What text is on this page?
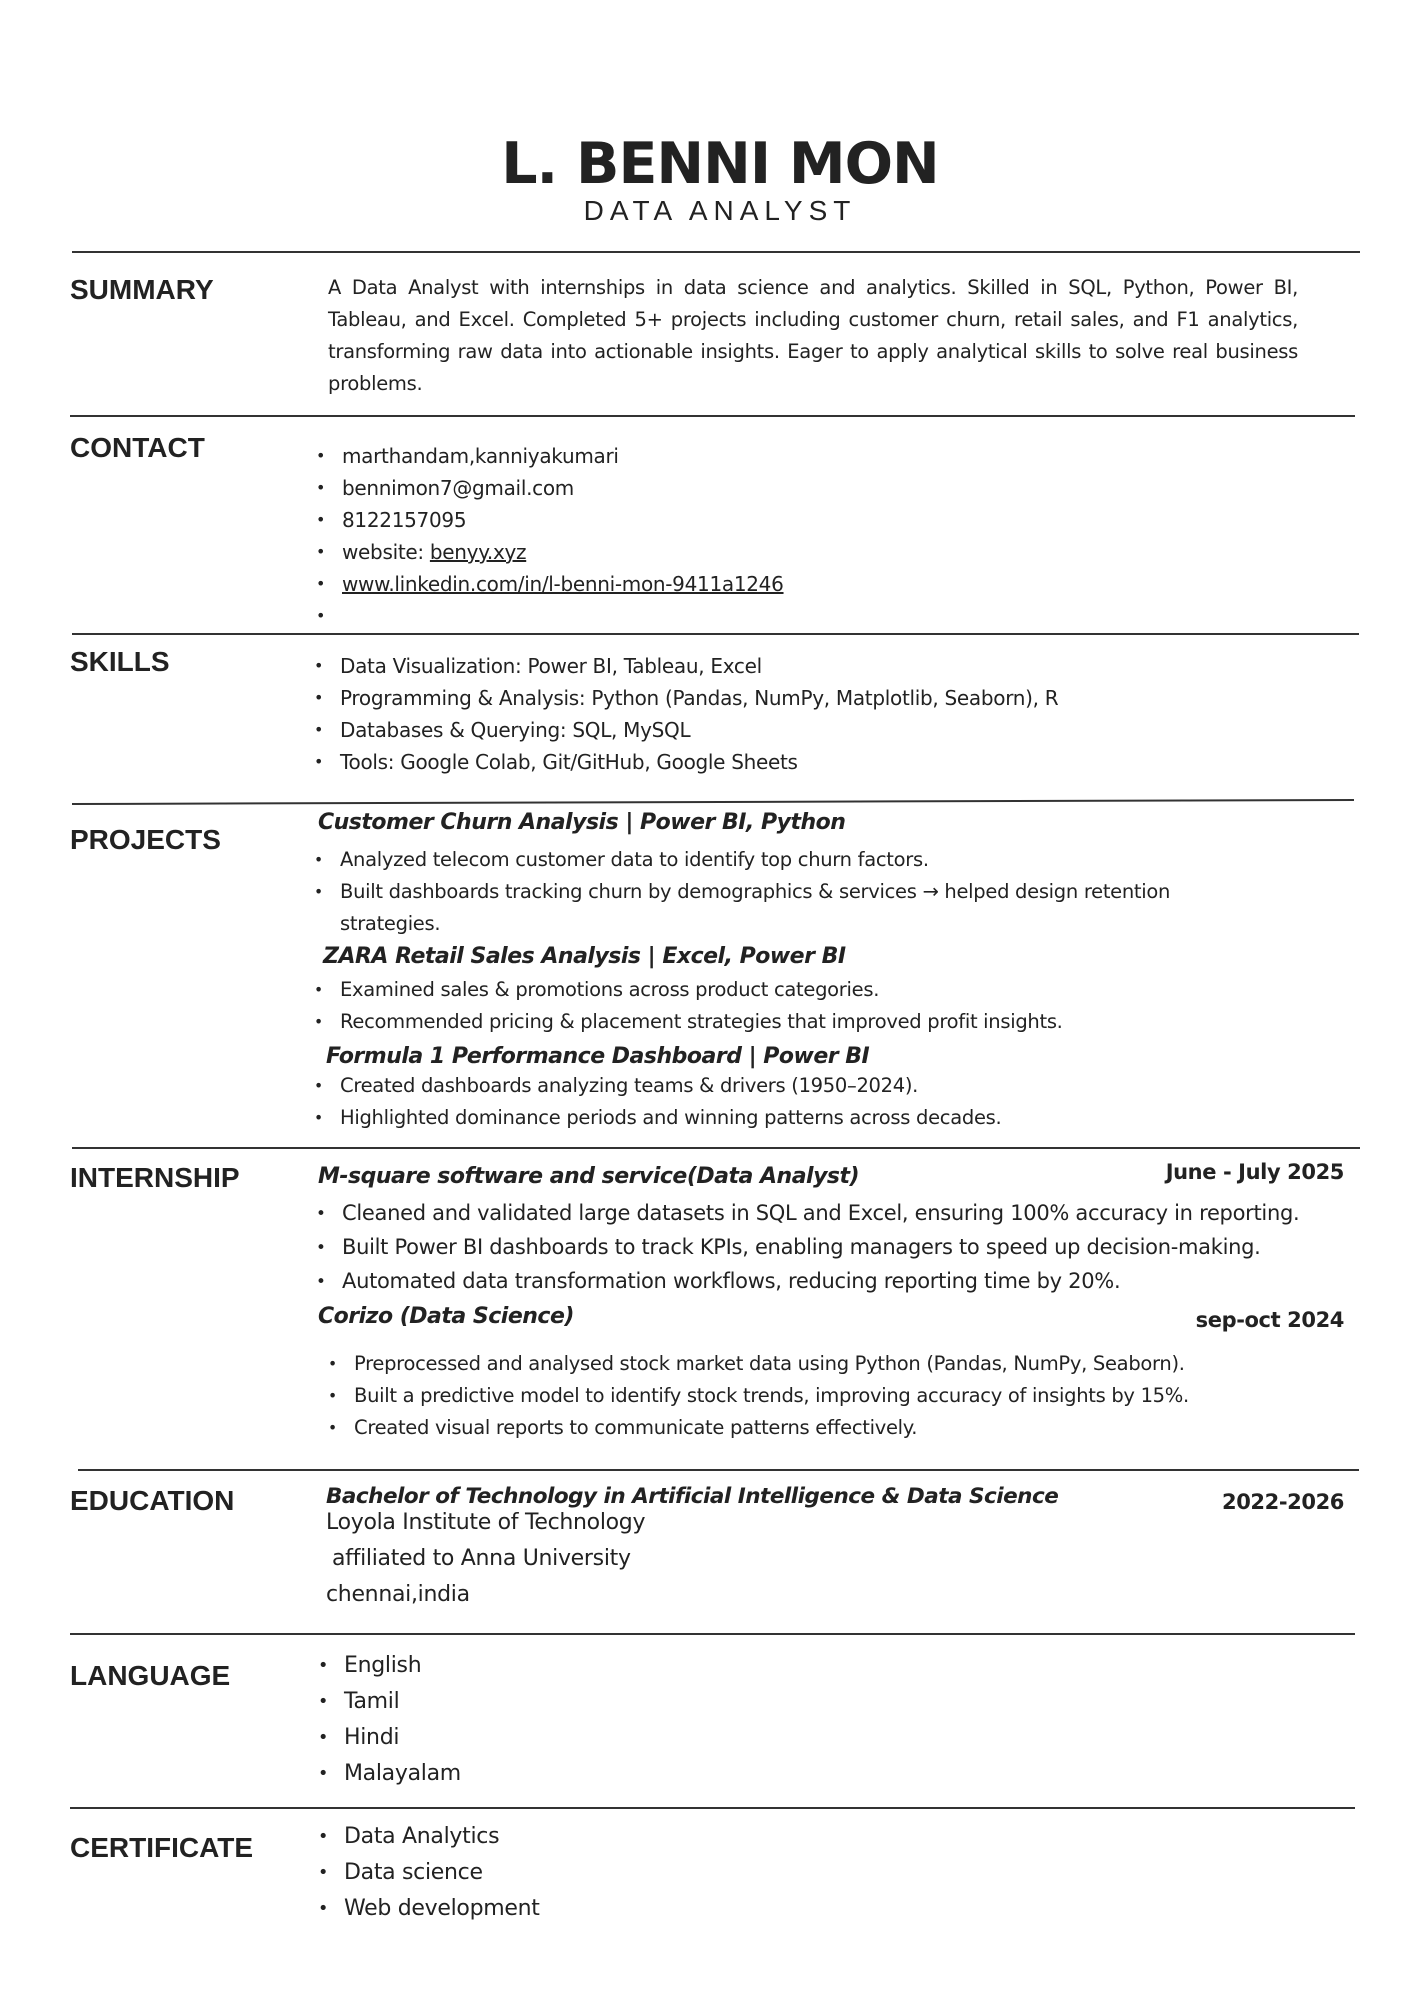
L. BENNI MON
DATA ANALYST
SUMMARY	A Data Analyst with internships in data science and analytics. Skilled in SQL, Python, Power BI, Tableau, and Excel. Completed 5+ projects including customer churn, retail sales, and F1 analytics, transforming raw data into actionable insights. Eager to apply analytical skills to solve real business problems.
CONTACT	• marthandam,kanniyakumari
• bennimon7@gmail.com
• 8122157095
• website: benyy.xyz
• www.linkedin.com/in/l-benni-mon-9411a1246
SKILLS	• Data Visualization: Power BI, Tableau, Excel
• Programming & Analysis: Python (Pandas, NumPy, Matplotlib, Seaborn), R
• Databases & Querying: SQL, MySQL
• Tools: Google Colab, Git/GitHub, Google Sheets
PROJECTS
Customer Churn Analysis | Power BI, Python
• Analyzed telecom customer data to identify top churn factors.
• Built dashboards tracking churn by demographics & services → helped design retention strategies.
ZARA Retail Sales Analysis | Excel, Power BI
• Examined sales & promotions across product categories.
• Recommended pricing & placement strategies that improved profit insights.
Formula 1 Performance Dashboard | Power BI
• Created dashboards analyzing teams & drivers (1950–2024).
• Highlighted dominance periods and winning patterns across decades.
INTERNSHIP	M-square software and service(Data Analyst)	June - July 2025
• Cleaned and validated large datasets in SQL and Excel, ensuring 100% accuracy in reporting.
• Built Power BI dashboards to track KPIs, enabling managers to speed up decision-making.
• Automated data transformation workflows, reducing reporting time by 20%.
Corizo (Data Science)	sep-oct 2024
• Preprocessed and analysed stock market data using Python (Pandas, NumPy, Seaborn).
• Built a predictive model to identify stock trends, improving accuracy of insights by 15%.
• Created visual reports to communicate patterns effectively.
EDUCATION	Bachelor of Technology in Artificial Intelligence & Data Science	2022-2026
Loyola Institute of Technology
affiliated to Anna University
chennai,india
LANGUAGE	• English
• Tamil
• Hindi
• Malayalam
CERTIFICATE	• Data Analytics
• Data science
• Web development
